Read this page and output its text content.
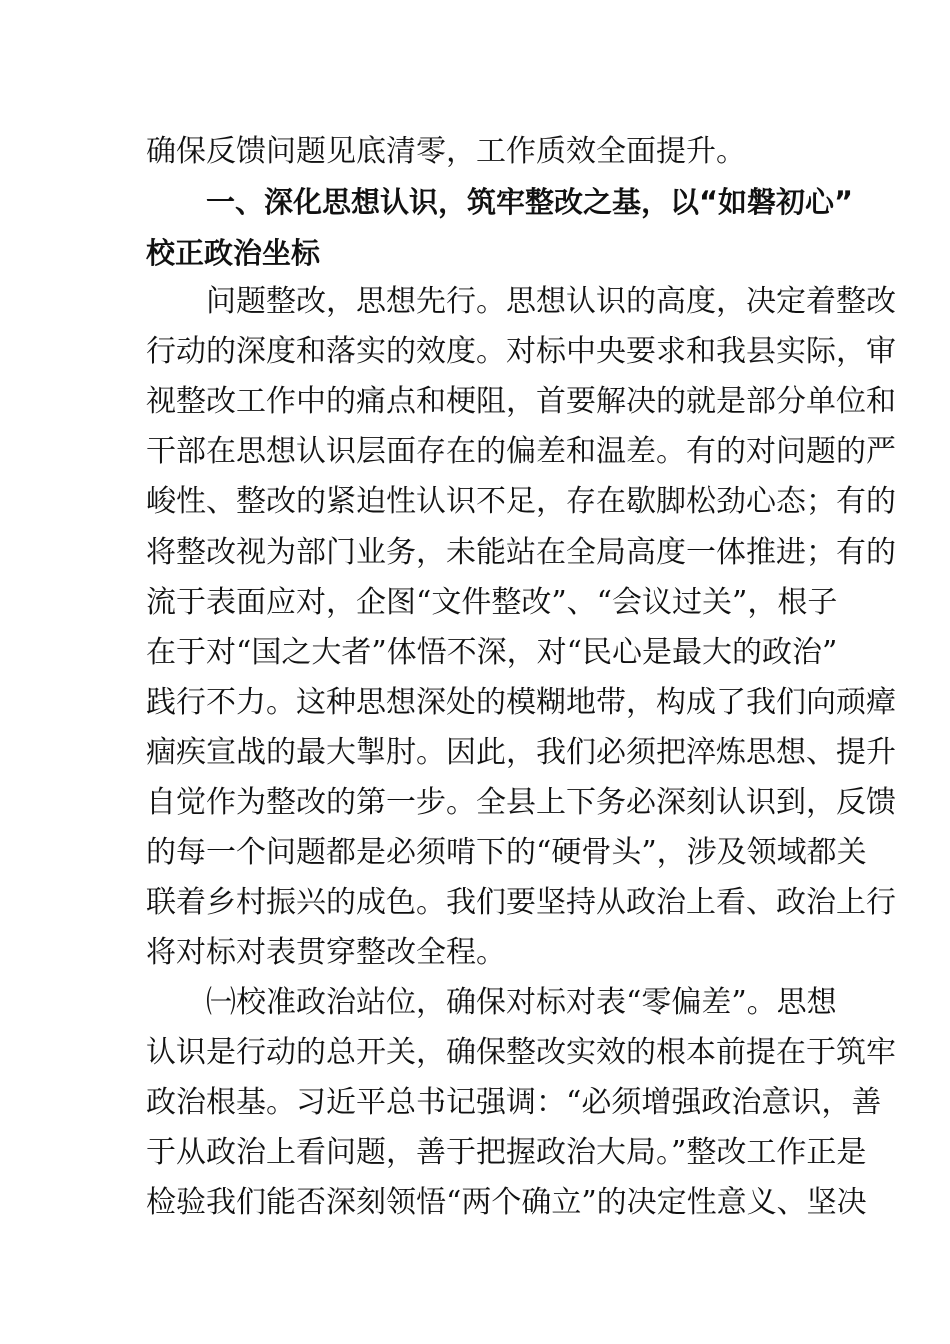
确保反馈问题见底清零，工作质效全面提升。
一、深化思想认识，筑牢整改之基，以“如磐初心”
校正政治坐标
问题整改，思想先行。思想认识的高度，决定着整改
行动的深度和落实的效度。对标中央要求和我县实际，审
视整改工作中的痛点和梗阻，首要解决的就是部分单位和
干部在思想认识层面存在的偏差和温差。有的对问题的严
峻性、整改的紧迫性认识不足，存在歇脚松劲心态；有的
将整改视为部门业务，未能站在全局高度一体推进；有的
流于表面应对，企图“文件整改”、“会议过关”，根子
在于对“国之大者”体悟不深，对“民心是最大的政治”
践行不力。这种思想深处的模糊地带，构成了我们向顽瘴
痼疾宣战的最大掣肘。因此，我们必须把淬炼思想、提升
自觉作为整改的第一步。全县上下务必深刻认识到，反馈
的每一个问题都是必须啃下的“硬骨头”，涉及领域都关
联着乡村振兴的成色。我们要坚持从政治上看、政治上行
将对标对表贯穿整改全程。
㈠校准政治站位，确保对标对表“零偏差”。思想
认识是行动的总开关，确保整改实效的根本前提在于筑牢
政治根基。习近平总书记强调：“必须增强政治意识，善
于从政治上看问题，善于把握政治大局。”整改工作正是
检验我们能否深刻领悟“两个确立”的决定性意义、坚决
